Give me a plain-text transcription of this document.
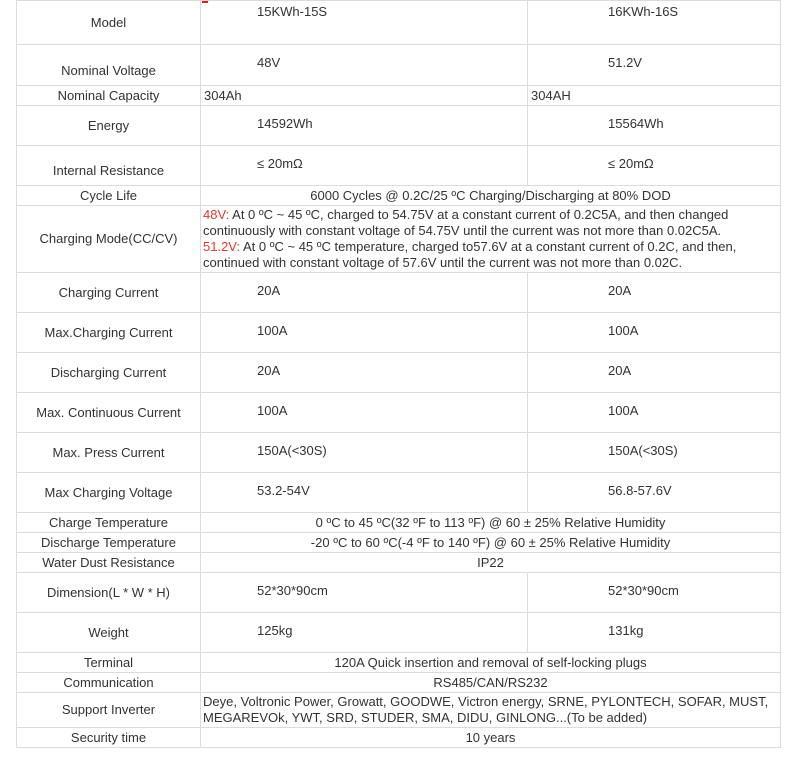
Model	15KWh-15S	16KWh-16S
Nominal Voltage	48V	51.2V
Nominal Capacity	304Ah	304AH
Energy	14592Wh	15564Wh
Internal Resistance	≤ 20mΩ	≤ 20mΩ
Cycle Life	6000 Cycles @ 0.2C/25 ºC Charging/Discharging at 80% DOD	
Charging Mode(CC/CV)	48V: At 0 ºC ~ 45 ºC, charged to 54.75V at a constant current of 0.2C5A, and then changed continuously with constant voltage of 54.75V until the current was not more than 0.02C5A.
51.2V: At 0 ºC ~ 45 ºC temperature, charged to57.6V at a constant current of 0.2C, and then, continued with constant voltage of 57.6V until the current was not more than 0.02C.	

Charging Current	20A	20A
Max.Charging Current	100A	100A
Discharging Current	20A	20A
Max. Continuous Current	100A	100A
Max. Press Current	150A(<30S)	150A(<30S)
Max Charging Voltage	53.2-54V	56.8-57.6V
Charge Temperature	0 ºC to 45 ºC(32 ºF to 113 ºF) @ 60 ± 25% Relative Humidity	
Discharge Temperature	-20 ºC to 60 ºC(-4 ºF to 140 ºF) @ 60 ± 25% Relative Humidity	
Water Dust Resistance	IP22	
Dimension(L * W * H)	52*30*90cm	52*30*90cm
Weight	125kg	131kg
Terminal	120A Quick insertion and removal of self-locking plugs	
Communication	RS485/CAN/RS232	
Support Inverter	Deye, Voltronic Power, Growatt, GOODWE, Victron energy, SRNE, PYLONTECH, SOFAR, MUST, MEGAREVOk, YWT, SRD, STUDER, SMA, DIDU, GINLONG...(To be added)	
Security time	10 years	
